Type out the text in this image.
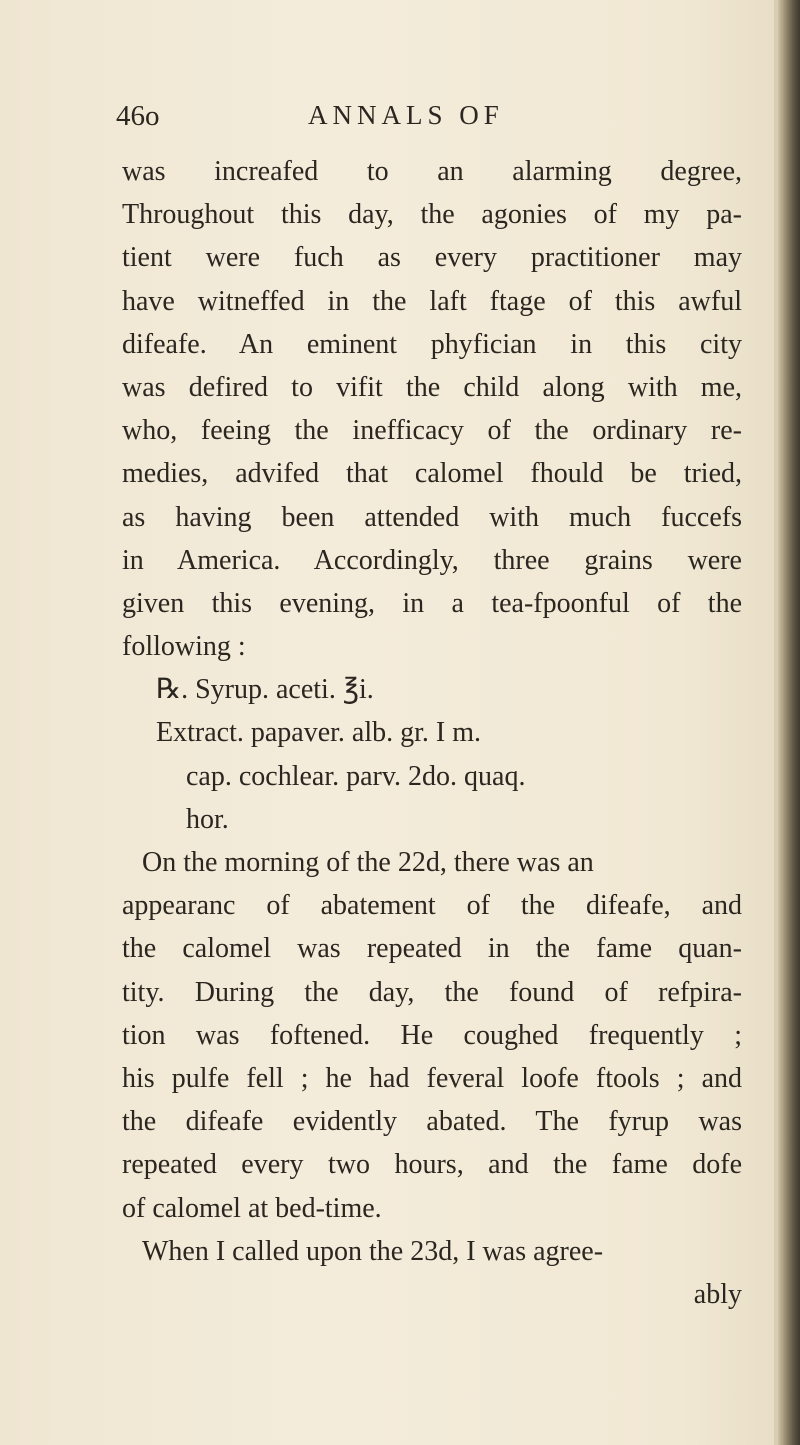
46o	ANNALS OF
was increafed to an alarming degree,
Throughout this day, the agonies of my pa-
tient were fuch as every practitioner may
have witneffed in the laft ftage of this awful
difeafe. An eminent phyfician in this city
was defired to vifit the child along with me,
who, feeing the inefficacy of the ordinary re-
medies, advifed that calomel fhould be tried,
as having been attended with much fuccefs
in America. Accordingly, three grains were
given this evening, in a tea-fpoonful of the
following :
℞. Syrup. aceti. ℥i.
Extract. papaver. alb. gr. I m.
cap. cochlear. parv. 2do. quaq.
hor.
On the morning of the 22d, there was an
appearanc of abatement of the difeafe, and
the calomel was repeated in the fame quan-
tity. During the day, the found of refpira-
tion was foftened. He coughed frequently ;
his pulfe fell ; he had feveral loofe ftools ; and
the difeafe evidently abated. The fyrup was
repeated every two hours, and the fame dofe
of calomel at bed-time.
When I called upon the 23d, I was agree-
ably
